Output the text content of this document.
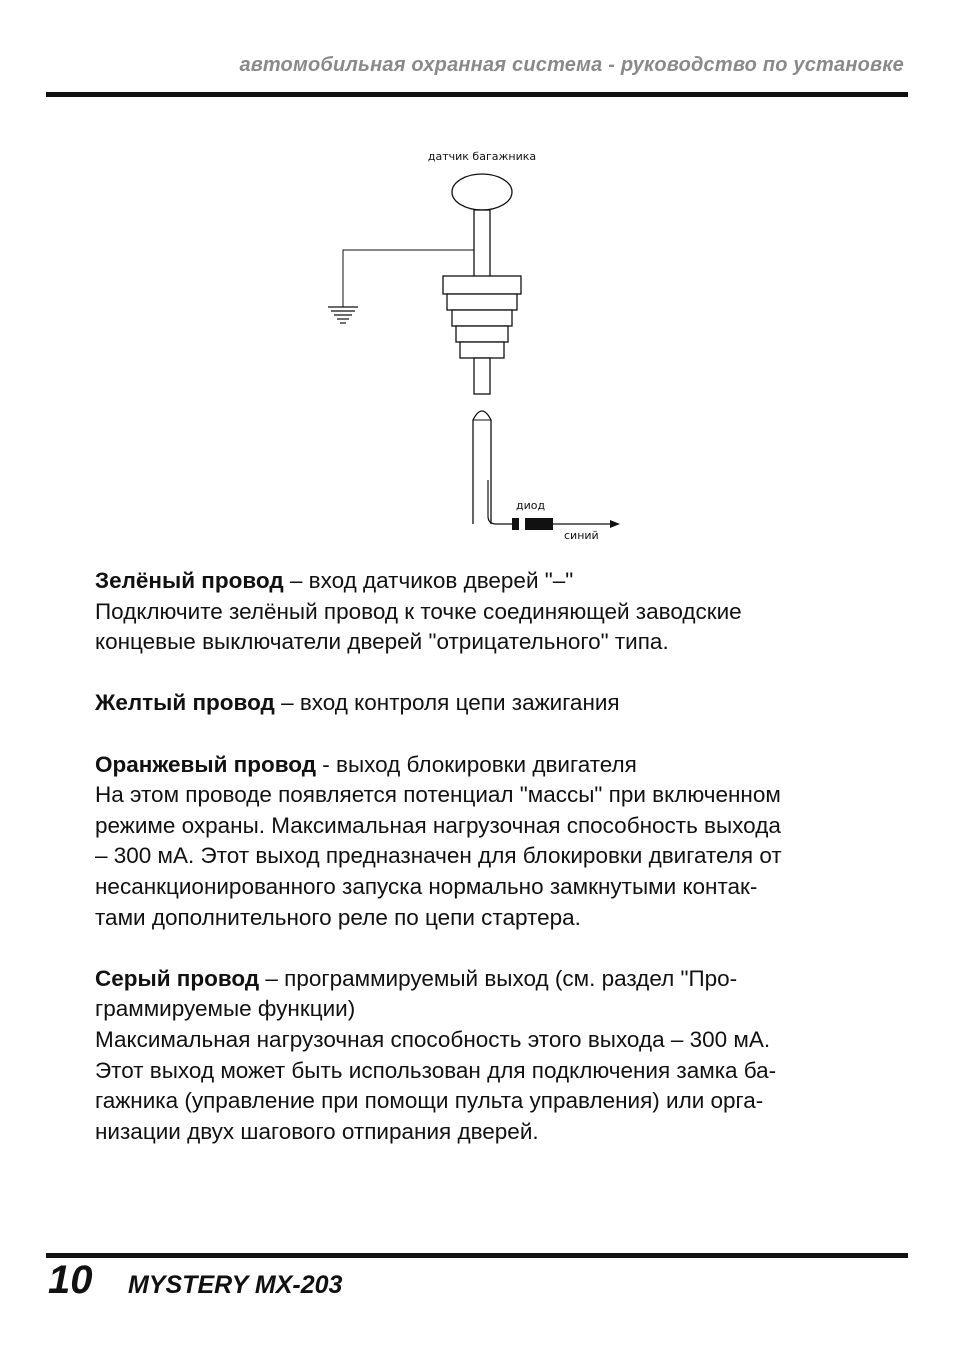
автомобильная охранная система - руководство по установке
датчик багажника
диод
синий
Зелёный провод – вход датчиков дверей "–"
Подключите зелёный провод к точке соединяющей заводские
концевые выключатели дверей "отрицательного" типа.
Желтый провод – вход контроля цепи зажигания
Оранжевый провод - выход блокировки двигателя
На этом проводе появляется потенциал "массы" при включенном
режиме охраны. Максимальная нагрузочная способность выхода
– 300 мА. Этот выход предназначен для блокировки двигателя от
несанкционированного запуска нормально замкнутыми контак-
тами дополнительного реле по цепи стартера.
Серый провод – программируемый выход (см. раздел "Про-
граммируемые функции)
Максимальная нагрузочная способность этого выхода – 300 мА.
Этот выход может быть использован для подключения замка ба-
гажника (управление при помощи пульта управления) или орга-
низации двух шагового отпирания дверей.
10 MYSTERY MX-203
